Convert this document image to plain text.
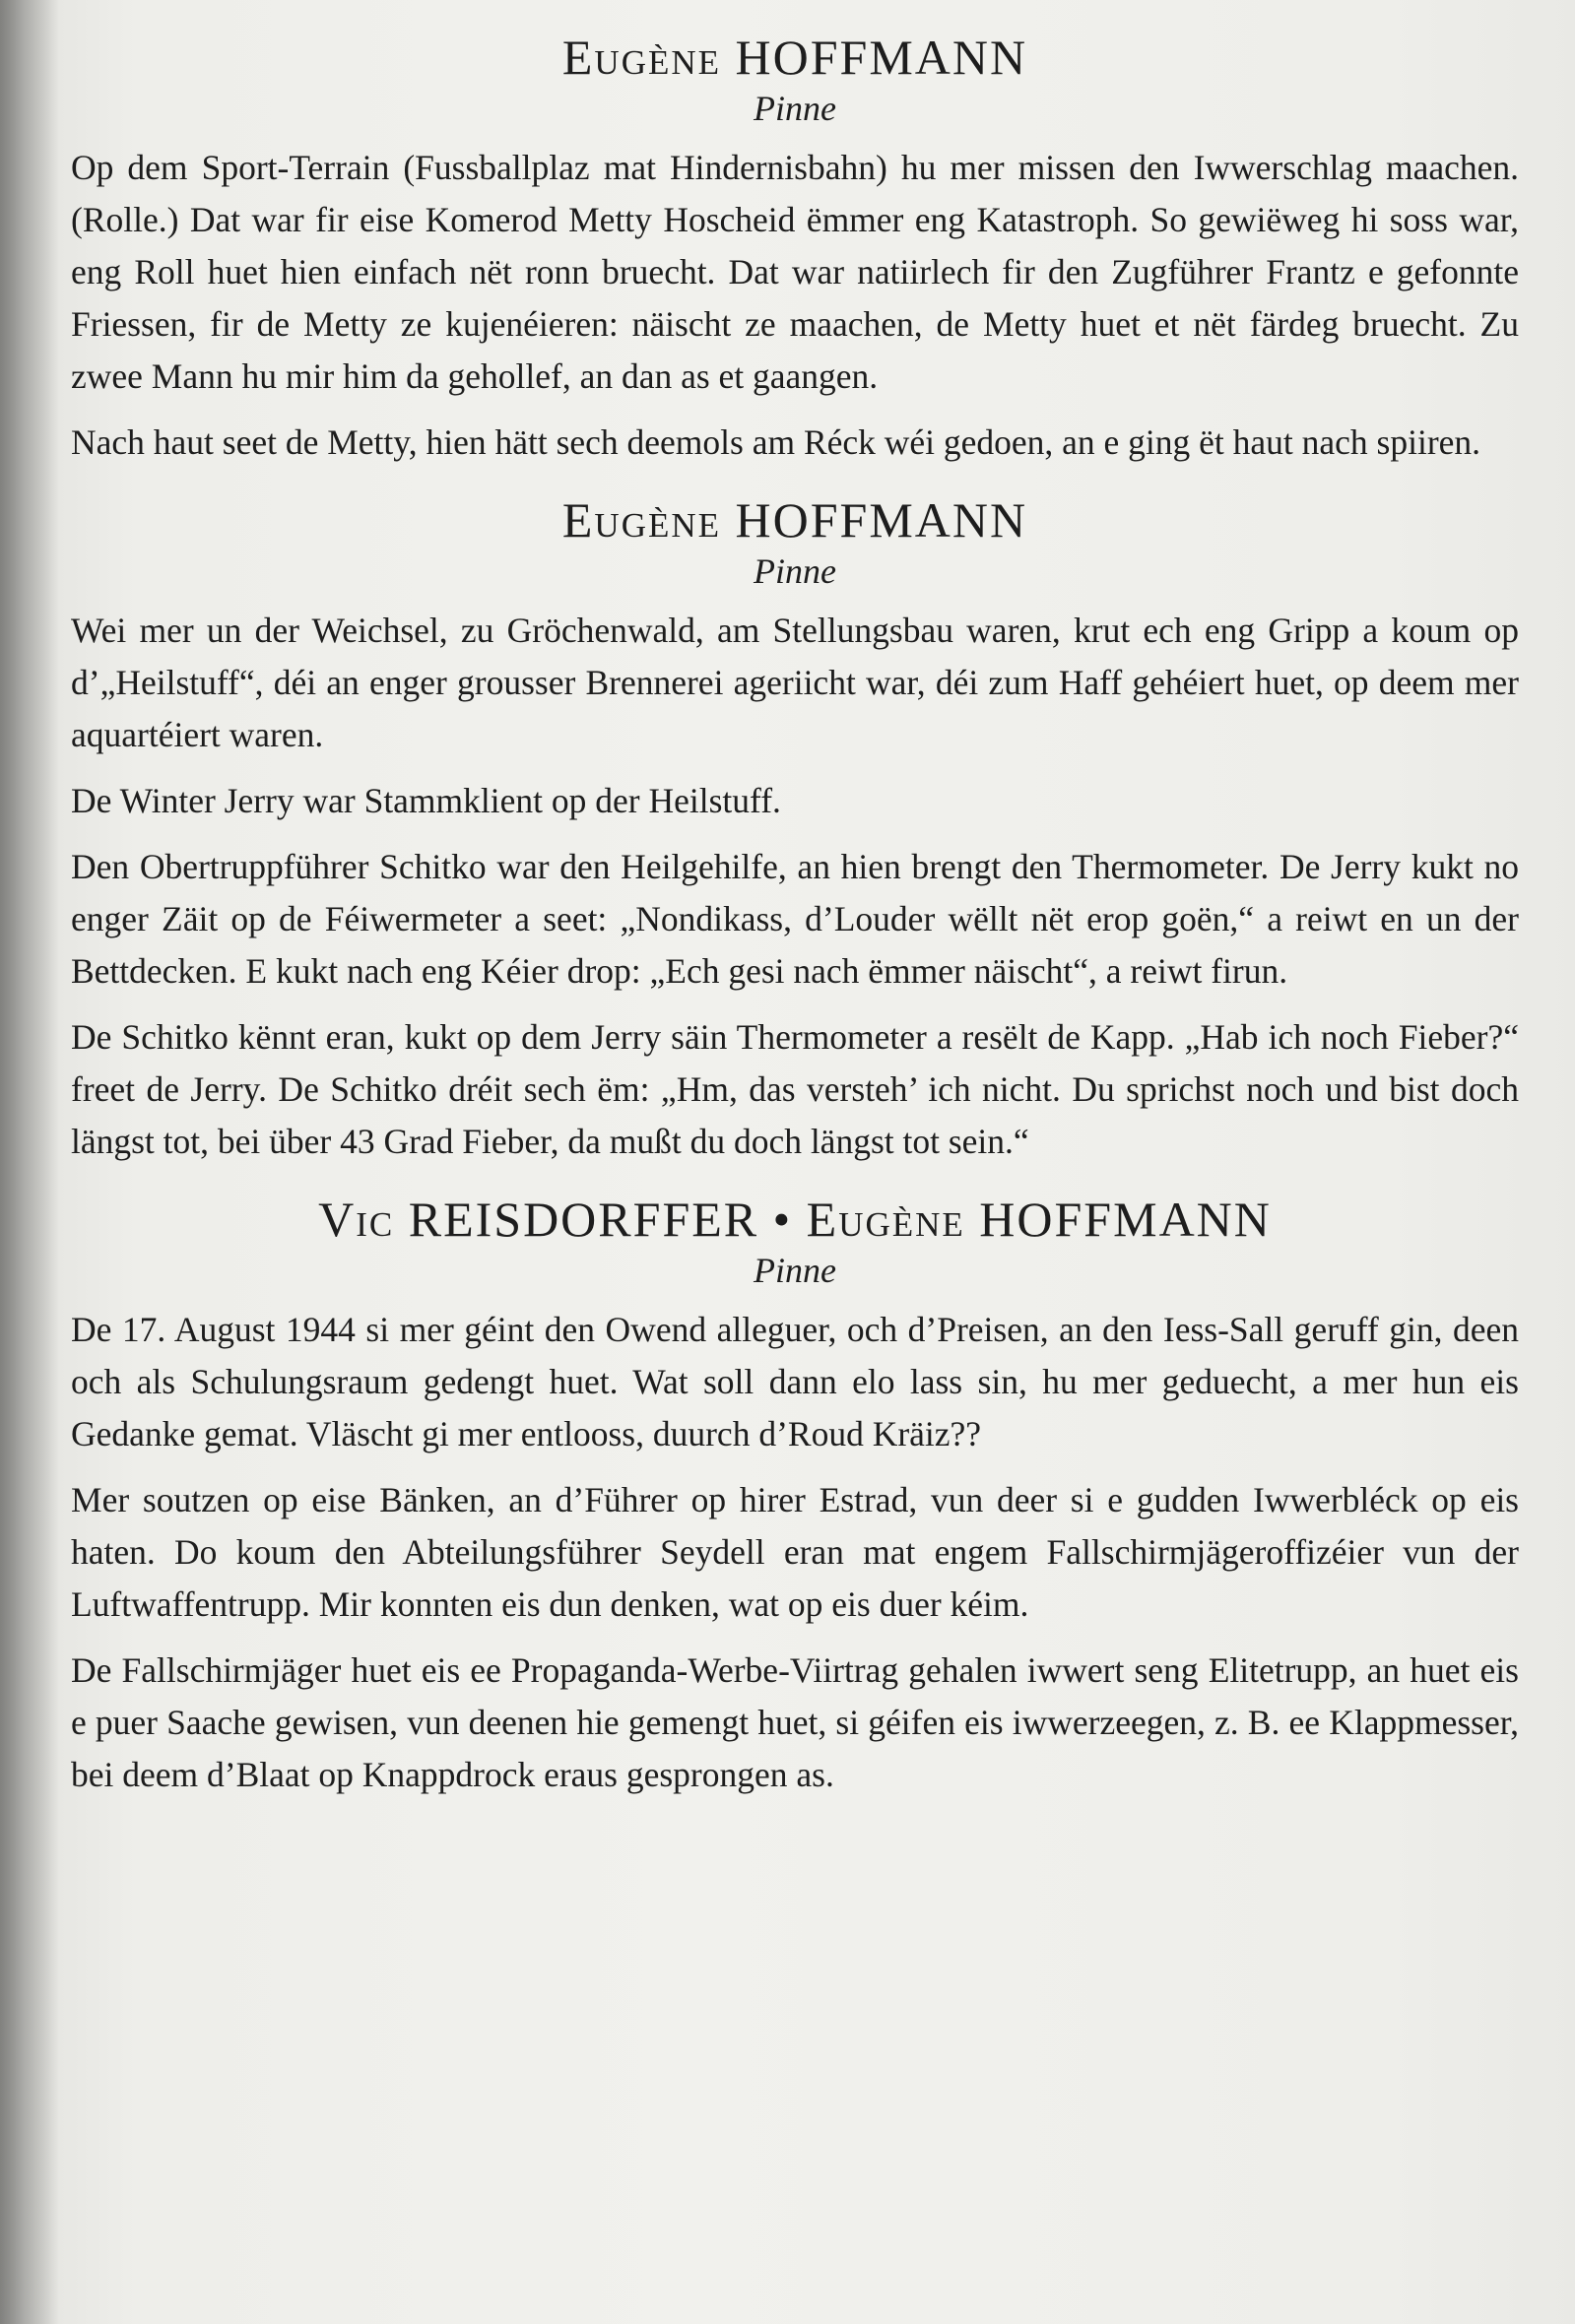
Eugène HOFFMANN
Pinne

Op dem Sport-Terrain (Fussballplaz mat Hindernisbahn) hu mer missen den Iwwerschlag maachen. (Rolle.) Dat war fir eise Komerod Metty Hoscheid ëmmer eng Katastroph. So gewiëweg hi soss war, eng Roll huet hien einfach nët ronn bruecht. Dat war natiirlech fir den Zugführer Frantz e gefonnte Friessen, fir de Metty ze kujenéieren: näischt ze maachen, de Metty huet et nët färdeg bruecht. Zu zwee Mann hu mir him da gehollef, an dan as et gaangen.

Nach haut seet de Metty, hien hätt sech deemols am Réck wéi gedoen, an e ging ët haut nach spiiren.

Eugène HOFFMANN
Pinne

Wei mer un der Weichsel, zu Gröchenwald, am Stellungsbau waren, krut ech eng Gripp a koum op d’„Heilstuff“, déi an enger grousser Brennerei ageriicht war, déi zum Haff gehéiert huet, op deem mer aquartéiert waren.

De Winter Jerry war Stammklient op der Heilstuff.

Den Obertruppführer Schitko war den Heilgehilfe, an hien brengt den Thermometer. De Jerry kukt no enger Zäit op de Féiwermeter a seet: „Nondikass, d’Louder wëllt nët erop goën,“ a reiwt en un der Bettdecken. E kukt nach eng Kéier drop: „Ech gesi nach ëmmer näischt“, a reiwt firun.

De Schitko kënnt eran, kukt op dem Jerry säin Thermometer a resëlt de Kapp. „Hab ich noch Fieber?“ freet de Jerry. De Schitko dréit sech ëm: „Hm, das versteh’ ich nicht. Du sprichst noch und bist doch längst tot, bei über 43 Grad Fieber, da mußt du doch längst tot sein.“

Vic REISDORFFER • Eugène HOFFMANN
Pinne

De 17. August 1944 si mer géint den Owend alleguer, och d’Preisen, an den Iess-Sall geruff gin, deen och als Schulungsraum gedengt huet. Wat soll dann elo lass sin, hu mer geduecht, a mer hun eis Gedanke gemat. Vläscht gi mer entlooss, duurch d’Roud Kräiz??

Mer soutzen op eise Bänken, an d’Führer op hirer Estrad, vun deer si e gudden Iwwerbléck op eis haten. Do koum den Abteilungsführer Seydell eran mat engem Fallschirmjägeroffizéier vun der Luftwaffentrupp. Mir konnten eis dun denken, wat op eis duer kéim.

De Fallschirmjäger huet eis ee Propaganda-Werbe-Viirtrag gehalen iwwert seng Elitetrupp, an huet eis e puer Saache gewisen, vun deenen hie gemengt huet, si géifen eis iwwerzeegen, z. B. ee Klappmesser, bei deem d’Blaat op Knappdrock eraus gesprongen as.
